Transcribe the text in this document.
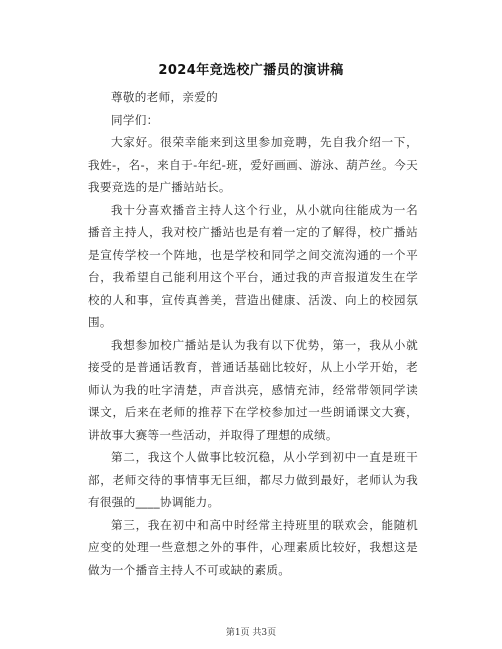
2024年竞选校广播员的演讲稿

尊敬的老师，亲爱的

同学们：

大家好。很荣幸能来到这里参加竞聘，先自我介绍一下，我姓-，名-，来自于-年纪-班，爱好画画、游泳、葫芦丝。今天我要竞选的是广播站站长。

我十分喜欢播音主持人这个行业，从小就向往能成为一名播音主持人，我对校广播站也是有着一定的了解得，校广播站是宣传学校一个阵地，也是学校和同学之间交流沟通的一个平台，我希望自己能利用这个平台，通过我的声音报道发生在学校的人和事，宣传真善美，营造出健康、活泼、向上的校园氛围。

我想参加校广播站是认为我有以下优势，第一，我从小就接受的是普通话教育，普通话基础比较好，从上小学开始，老师认为我的吐字清楚，声音洪亮，感情充沛，经常带领同学读课文，后来在老师的推荐下在学校参加过一些朗诵课文大赛，讲故事大赛等一些活动，并取得了理想的成绩。

第二，我这个人做事比较沉稳，从小学到初中一直是班干部，老师交待的事情事无巨细，都尽力做到最好，老师认为我有很强的____协调能力。

第三，我在初中和高中时经常主持班里的联欢会，能随机应变的处理一些意想之外的事件，心理素质比较好，我想这是做为一个播音主持人不可或缺的素质。

第1页 共3页
